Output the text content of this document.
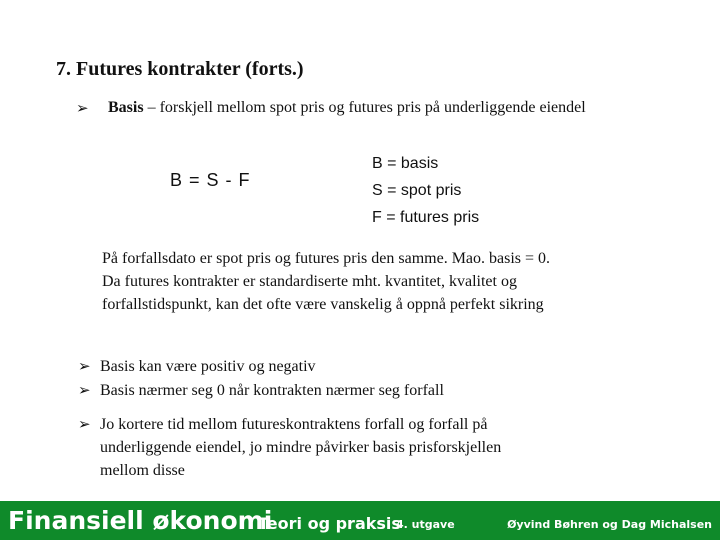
7. Futures kontrakter (forts.)
➢ Basis – forskjell mellom spot pris og futures pris på underliggende eiendel
B = S - F
B = basis
S = spot pris
F = futures pris
På forfallsdato er spot pris og futures pris den samme. Mao. basis = 0.
Da futures kontrakter er standardiserte mht. kvantitet, kvalitet og
forfallstidspunkt, kan det ofte være vanskelig å oppnå perfekt sikring
➢ Basis kan være positiv og negativ
➢ Basis nærmer seg 0 når kontrakten nærmer seg forfall
➢ Jo kortere tid mellom futureskontraktens forfall og forfall på
underliggende eiendel, jo mindre påvirker basis prisforskjellen
mellom disse
Finansiell økonomi
Teori og praksis
4. utgave	Øyvind Bøhren og Dag Michalsen
